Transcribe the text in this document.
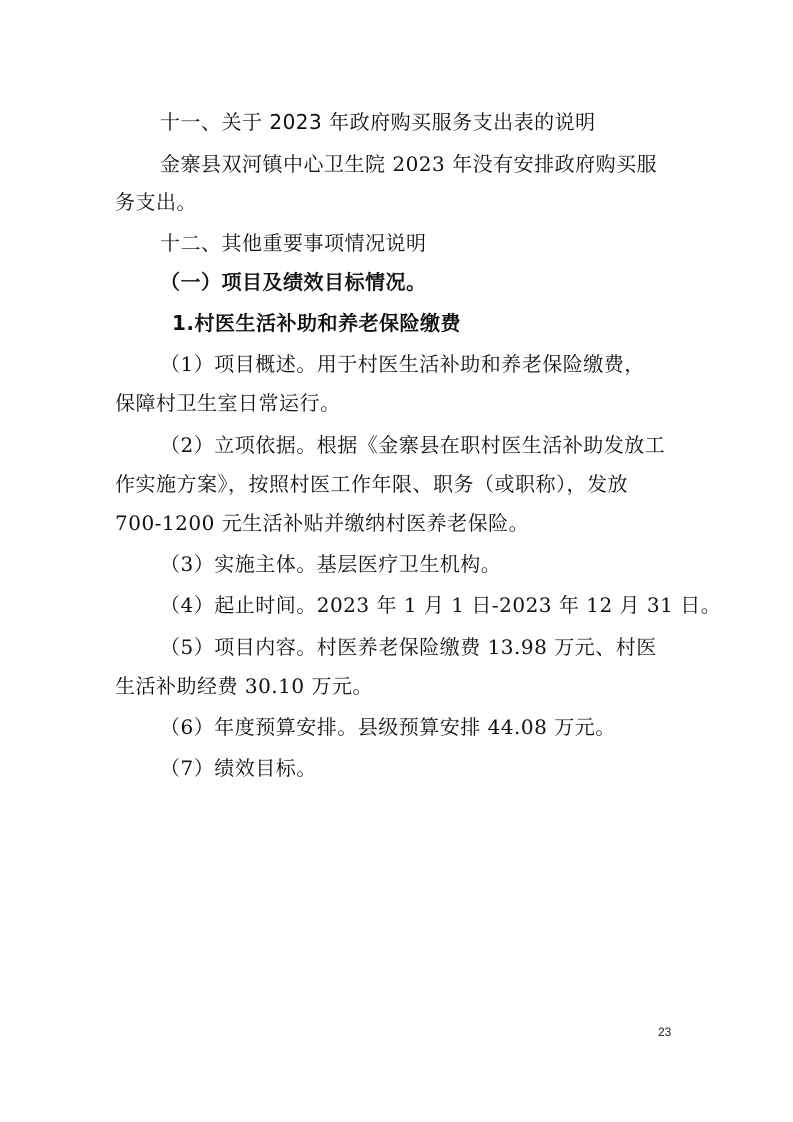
十一、关于 2023 年政府购买服务支出表的说明
金寨县双河镇中心卫生院 2023 年没有安排政府购买服
务支出。
十二、其他重要事项情况说明
（一）项目及绩效目标情况。
1.村医生活补助和养老保险缴费
（1）项目概述。用于村医生活补助和养老保险缴费，
保障村卫生室日常运行。
（2）立项依据。根据《金寨县在职村医生活补助发放工
作实施方案》，按照村医工作年限、职务（或职称），发放
700-1200 元生活补贴并缴纳村医养老保险。
（3）实施主体。基层医疗卫生机构。
（4）起止时间。2023 年 1 月 1 日-2023 年 12 月 31 日。
（5）项目内容。村医养老保险缴费 13.98 万元、村医
生活补助经费 30.10 万元。
（6）年度预算安排。县级预算安排 44.08 万元。
（7）绩效目标。
23
